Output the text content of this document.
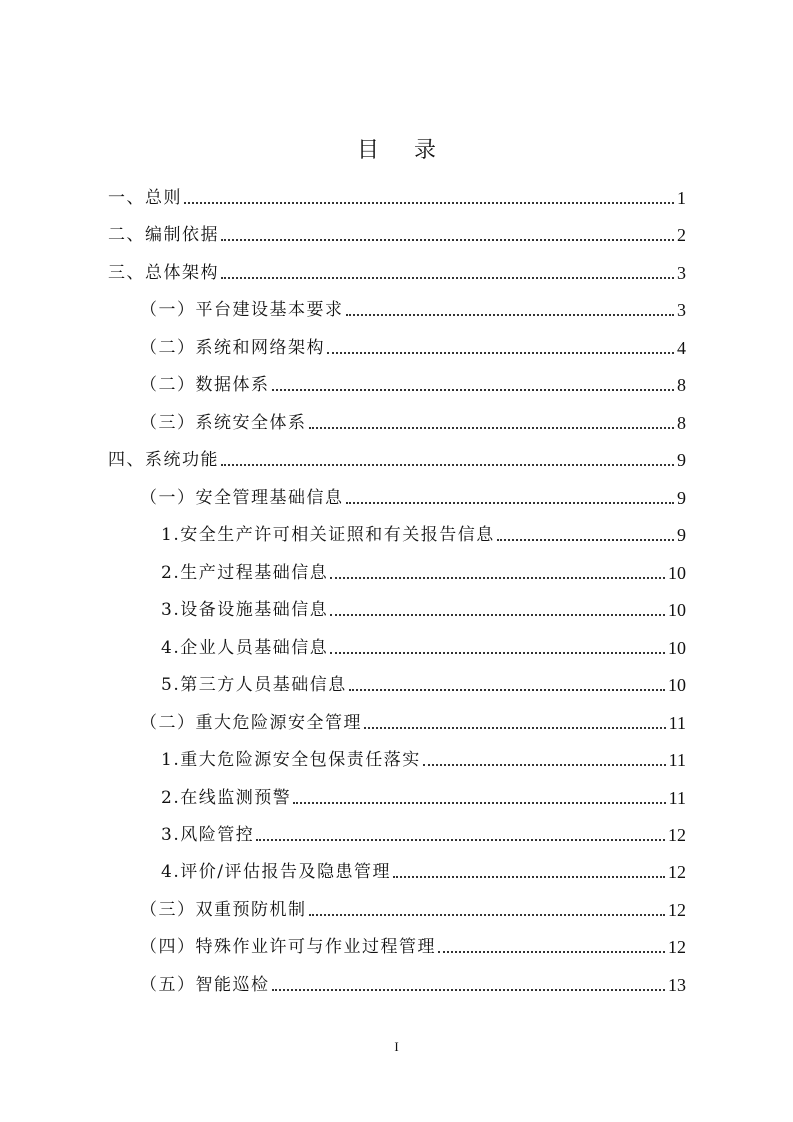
目 录
一、总则	1
二、编制依据	2
三、总体架构	3
（一）平台建设基本要求	3
（二）系统和网络架构	4
（二）数据体系	8
（三）系统安全体系	8
四、系统功能	9
（一）安全管理基础信息	9
1.安全生产许可相关证照和有关报告信息	9
2.生产过程基础信息	10
3.设备设施基础信息	10
4.企业人员基础信息	10
5.第三方人员基础信息	10
（二）重大危险源安全管理	11
1.重大危险源安全包保责任落实	11
2.在线监测预警	11
3.风险管控	12
4.评价/评估报告及隐患管理	12
（三）双重预防机制	12
（四）特殊作业许可与作业过程管理	12
（五）智能巡检	13
I
